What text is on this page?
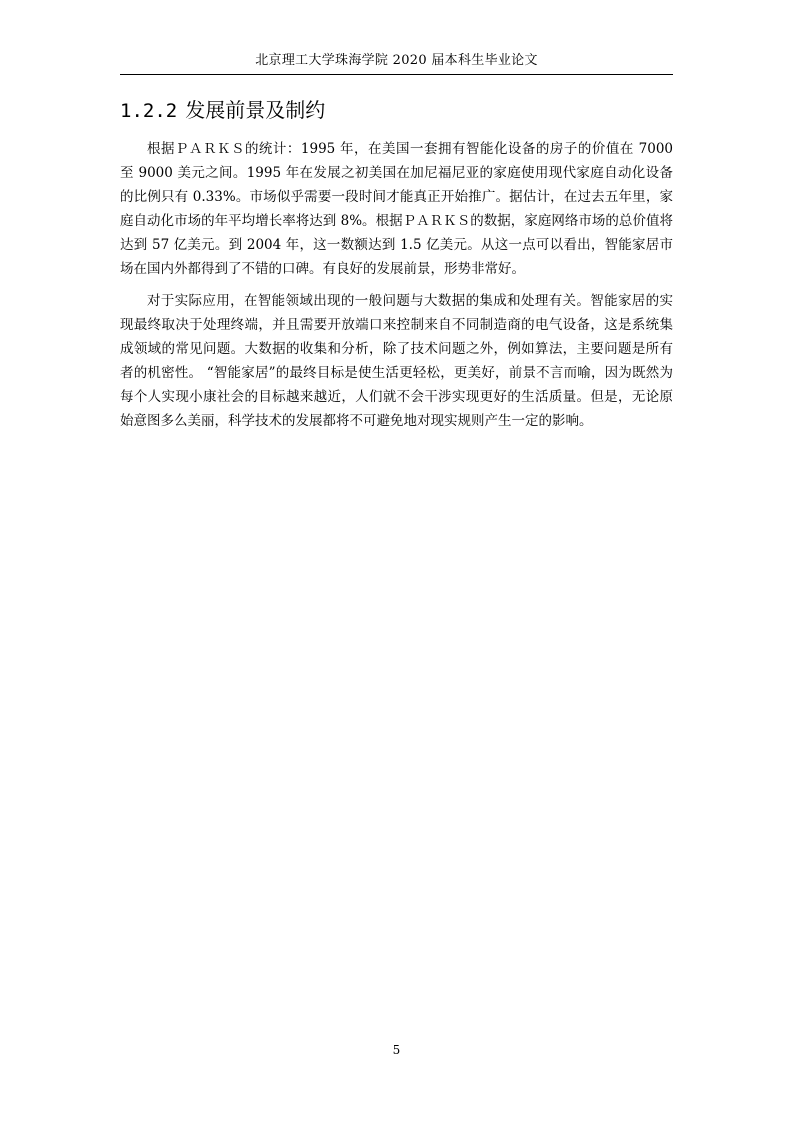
北京理工大学珠海学院 2020 届本科生毕业论文
1.2.2 发展前景及制约

根据ＰＡＲＫＳ的统计：1995 年，在美国一套拥有智能化设备的房子的价值在 7000 至 9000 美元之间。1995 年在发展之初美国在加尼福尼亚的家庭使用现代家庭自动化设备的比例只有 0.33%。市场似乎需要一段时间才能真正开始推广。据估计，在过去五年里，家庭自动化市场的年平均增长率将达到 8%。根据ＰＡＲＫＳ的数据，家庭网络市场的总价值将达到 57 亿美元。到 2004 年，这一数额达到 1.5 亿美元。从这一点可以看出，智能家居市场在国内外都得到了不错的口碑。有良好的发展前景，形势非常好。

对于实际应用，在智能领域出现的一般问题与大数据的集成和处理有关。智能家居的实现最终取决于处理终端，并且需要开放端口来控制来自不同制造商的电气设备，这是系统集成领域的常见问题。大数据的收集和分析，除了技术问题之外，例如算法，主要问题是所有者的机密性。 “智能家居”的最终目标是使生活更轻松，更美好，前景不言而喻，因为既然为每个人实现小康社会的目标越来越近，人们就不会干涉实现更好的生活质量。但是，无论原始意图多么美丽，科学技术的发展都将不可避免地对现实规则产生一定的影响。

5
